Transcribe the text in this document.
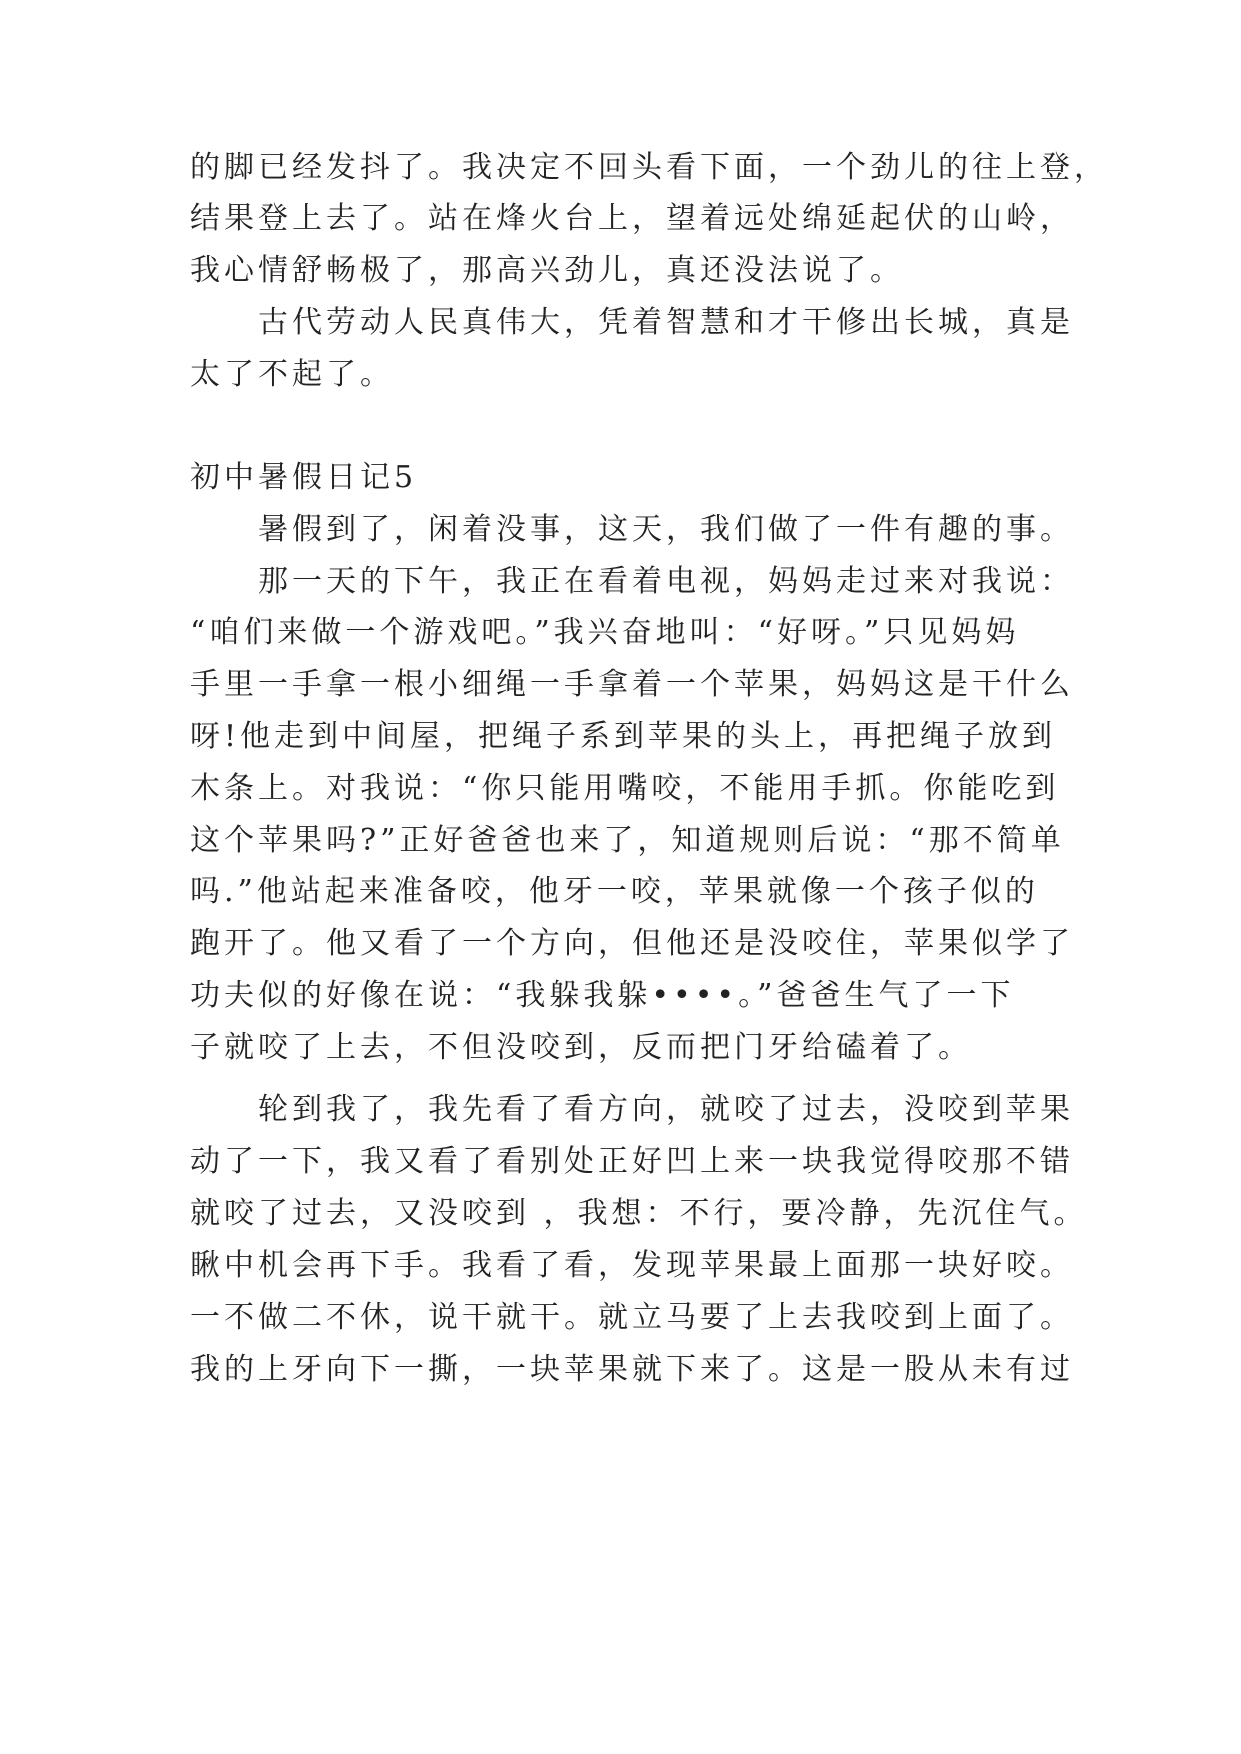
的脚已经发抖了。我决定不回头看下面，一个劲儿的往上登，
结果登上去了。站在烽火台上，望着远处绵延起伏的山岭，
我心情舒畅极了，那高兴劲儿，真还没法说了。
古代劳动人民真伟大，凭着智慧和才干修出长城，真是
太了不起了。
初中暑假日记5
暑假到了，闲着没事，这天，我们做了一件有趣的事。
那一天的下午，我正在看着电视，妈妈走过来对我说：
“咱们来做一个游戏吧。”我兴奋地叫：“好呀。”只见妈妈
手里一手拿一根小细绳一手拿着一个苹果，妈妈这是干什么
呀!他走到中间屋，把绳子系到苹果的头上，再把绳子放到
木条上。对我说：“你只能用嘴咬，不能用手抓。你能吃到
这个苹果吗?”正好爸爸也来了，知道规则后说：“那不简单
吗.”他站起来准备咬，他牙一咬，苹果就像一个孩子似的
跑开了。他又看了一个方向，但他还是没咬住，苹果似学了
功夫似的好像在说：“我躲我躲••••。”爸爸生气了一下
子就咬了上去，不但没咬到，反而把门牙给磕着了。
轮到我了，我先看了看方向，就咬了过去，没咬到苹果
动了一下，我又看了看别处正好凹上来一块我觉得咬那不错
就咬了过去，又没咬到 ，我想：不行，要冷静，先沉住气。
瞅中机会再下手。我看了看，发现苹果最上面那一块好咬。
一不做二不休，说干就干。就立马要了上去我咬到上面了。
我的上牙向下一撕，一块苹果就下来了。这是一股从未有过
